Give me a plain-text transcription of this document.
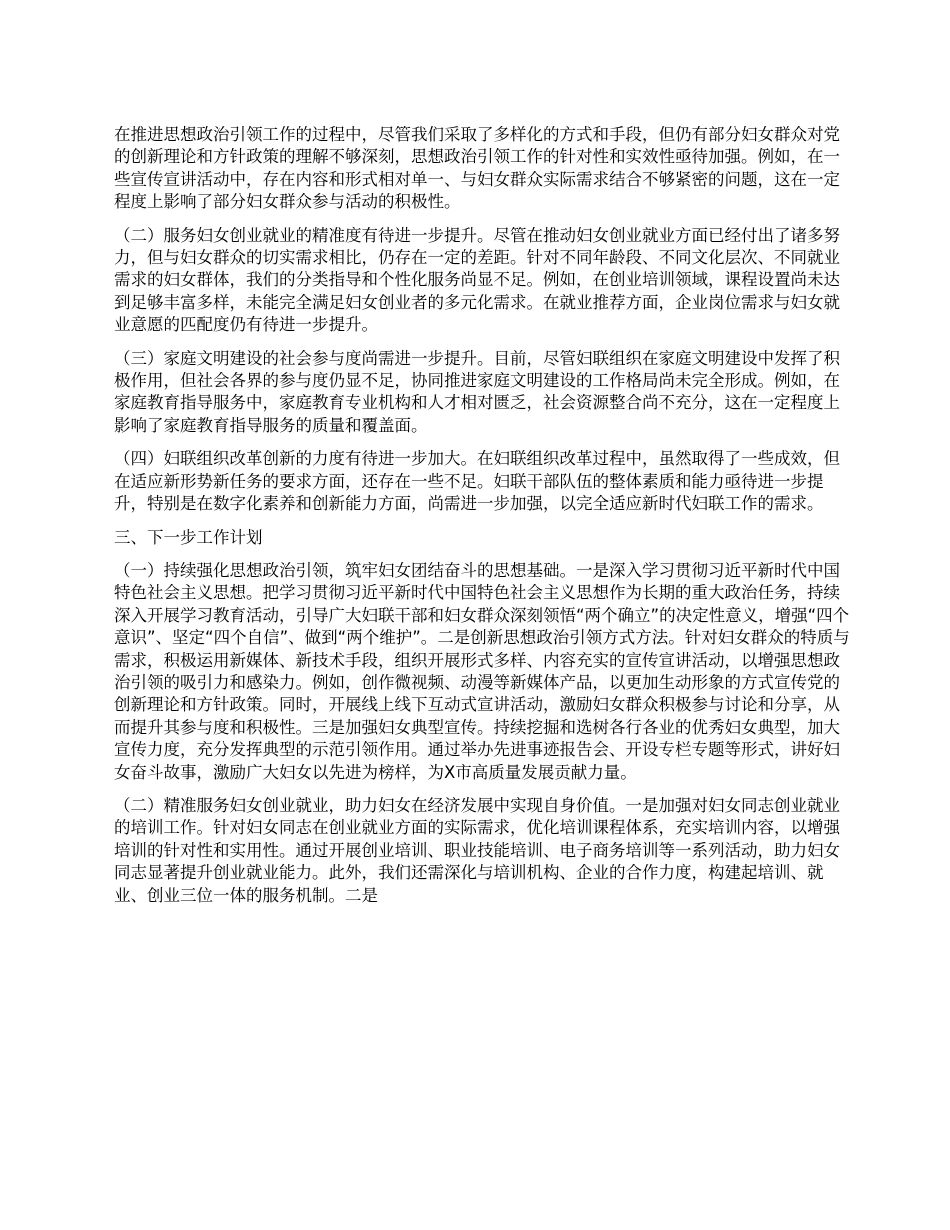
在推进思想政治引领工作的过程中，尽管我们采取了多样化的方式和手段，但仍有部分妇女群众对党的创新理论和方针政策的理解不够深刻，思想政治引领工作的针对性和实效性亟待加强。例如，在一些宣传宣讲活动中，存在内容和形式相对单一、与妇女群众实际需求结合不够紧密的问题，这在一定程度上影响了部分妇女群众参与活动的积极性。

（二）服务妇女创业就业的精准度有待进一步提升。尽管在推动妇女创业就业方面已经付出了诸多努力，但与妇女群众的切实需求相比，仍存在一定的差距。针对不同年龄段、不同文化层次、不同就业需求的妇女群体，我们的分类指导和个性化服务尚显不足。例如，在创业培训领域，课程设置尚未达到足够丰富多样，未能完全满足妇女创业者的多元化需求。在就业推荐方面，企业岗位需求与妇女就业意愿的匹配度仍有待进一步提升。

（三）家庭文明建设的社会参与度尚需进一步提升。目前，尽管妇联组织在家庭文明建设中发挥了积极作用，但社会各界的参与度仍显不足，协同推进家庭文明建设的工作格局尚未完全形成。例如，在家庭教育指导服务中，家庭教育专业机构和人才相对匮乏，社会资源整合尚不充分，这在一定程度上影响了家庭教育指导服务的质量和覆盖面。

（四）妇联组织改革创新的力度有待进一步加大。在妇联组织改革过程中，虽然取得了一些成效，但在适应新形势新任务的要求方面，还存在一些不足。妇联干部队伍的整体素质和能力亟待进一步提升，特别是在数字化素养和创新能力方面，尚需进一步加强，以完全适应新时代妇联工作的需求。

三、下一步工作计划

（一）持续强化思想政治引领，筑牢妇女团结奋斗的思想基础。一是深入学习贯彻习近平新时代中国特色社会主义思想。把学习贯彻习近平新时代中国特色社会主义思想作为长期的重大政治任务，持续深入开展学习教育活动，引导广大妇联干部和妇女群众深刻领悟“两个确立”的决定性意义，增强“四个意识”、坚定“四个自信”、做到“两个维护”。二是创新思想政治引领方式方法。针对妇女群众的特质与需求，积极运用新媒体、新技术手段，组织开展形式多样、内容充实的宣传宣讲活动，以增强思想政治引领的吸引力和感染力。例如，创作微视频、动漫等新媒体产品，以更加生动形象的方式宣传党的创新理论和方针政策。同时，开展线上线下互动式宣讲活动，激励妇女群众积极参与讨论和分享，从而提升其参与度和积极性。三是加强妇女典型宣传。持续挖掘和选树各行各业的优秀妇女典型，加大宣传力度，充分发挥典型的示范引领作用。通过举办先进事迹报告会、开设专栏专题等形式，讲好妇女奋斗故事，激励广大妇女以先进为榜样，为X市高质量发展贡献力量。

（二）精准服务妇女创业就业，助力妇女在经济发展中实现自身价值。一是加强对妇女同志创业就业的培训工作。针对妇女同志在创业就业方面的实际需求，优化培训课程体系，充实培训内容，以增强培训的针对性和实用性。通过开展创业培训、职业技能培训、电子商务培训等一系列活动，助力妇女同志显著提升创业就业能力。此外，我们还需深化与培训机构、企业的合作力度，构建起培训、就业、创业三位一体的服务机制。二是
